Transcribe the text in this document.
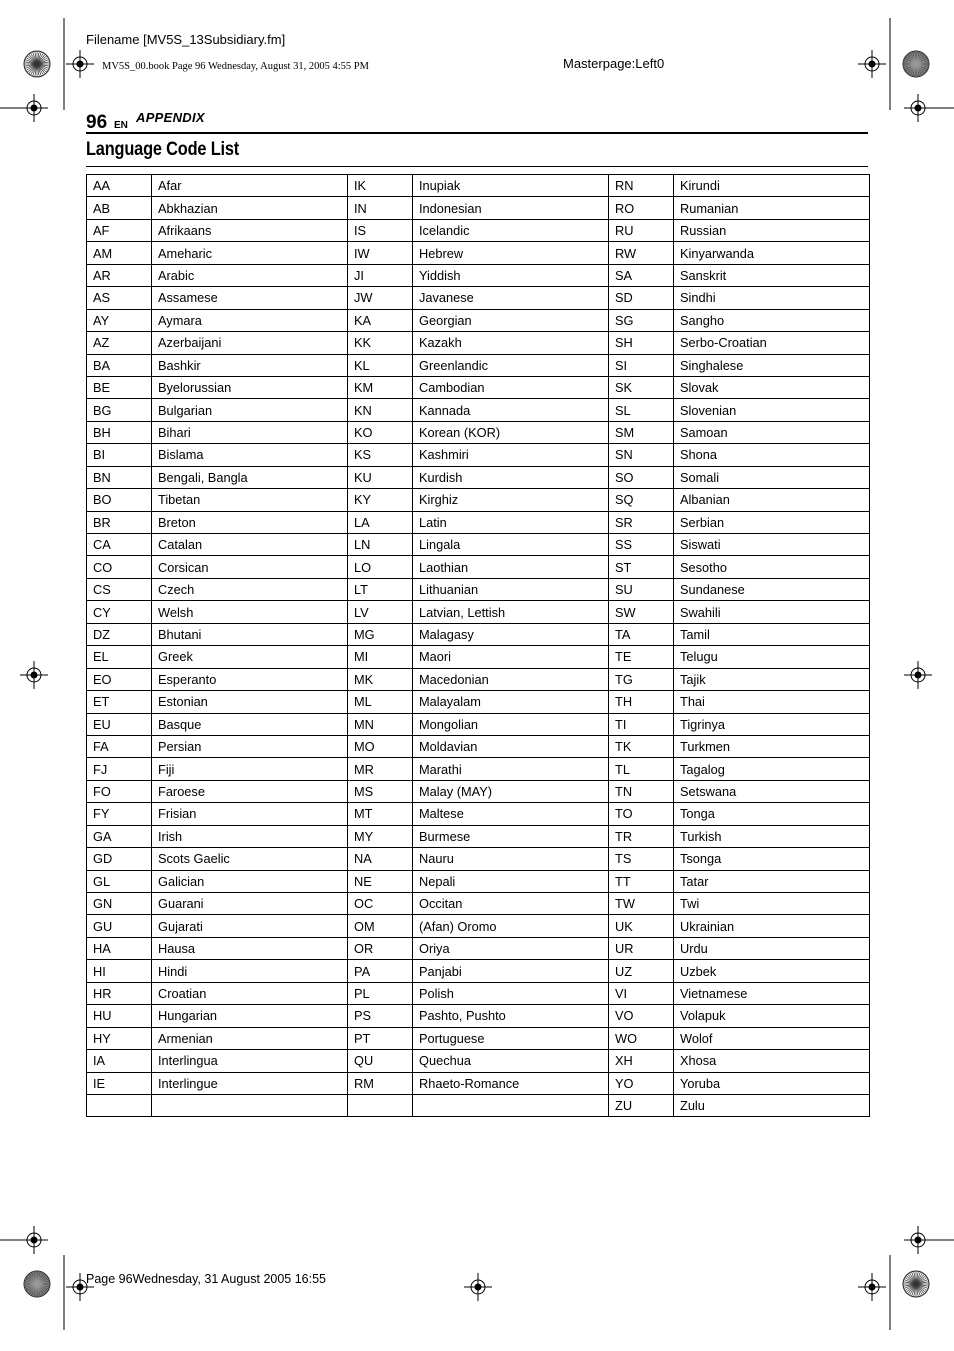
Filename [MV5S_13Subsidiary.fm]
MV5S_00.book Page 96 Wednesday, August 31, 2005 4:55 PM	Masterpage:Left0
96 EN
APPENDIX
Language Code List
AA	Afar	IK	Inupiak	RN	Kirundi
AB	Abkhazian	IN	Indonesian	RO	Rumanian
AF	Afrikaans	IS	Icelandic	RU	Russian
AM	Ameharic	IW	Hebrew	RW	Kinyarwanda
AR	Arabic	JI	Yiddish	SA	Sanskrit
AS	Assamese	JW	Javanese	SD	Sindhi
AY	Aymara	KA	Georgian	SG	Sangho
AZ	Azerbaijani	KK	Kazakh	SH	Serbo-Croatian
BA	Bashkir	KL	Greenlandic	SI	Singhalese
BE	Byelorussian	KM	Cambodian	SK	Slovak
BG	Bulgarian	KN	Kannada	SL	Slovenian
BH	Bihari	KO	Korean (KOR)	SM	Samoan
BI	Bislama	KS	Kashmiri	SN	Shona
BN	Bengali, Bangla	KU	Kurdish	SO	Somali
BO	Tibetan	KY	Kirghiz	SQ	Albanian
BR	Breton	LA	Latin	SR	Serbian
CA	Catalan	LN	Lingala	SS	Siswati
CO	Corsican	LO	Laothian	ST	Sesotho
CS	Czech	LT	Lithuanian	SU	Sundanese
CY	Welsh	LV	Latvian, Lettish	SW	Swahili
DZ	Bhutani	MG	Malagasy	TA	Tamil
EL	Greek	MI	Maori	TE	Telugu
EO	Esperanto	MK	Macedonian	TG	Tajik
ET	Estonian	ML	Malayalam	TH	Thai
EU	Basque	MN	Mongolian	TI	Tigrinya
FA	Persian	MO	Moldavian	TK	Turkmen
FJ	Fiji	MR	Marathi	TL	Tagalog
FO	Faroese	MS	Malay (MAY)	TN	Setswana
FY	Frisian	MT	Maltese	TO	Tonga
GA	Irish	MY	Burmese	TR	Turkish
GD	Scots Gaelic	NA	Nauru	TS	Tsonga
GL	Galician	NE	Nepali	TT	Tatar
GN	Guarani	OC	Occitan	TW	Twi
GU	Gujarati	OM	(Afan) Oromo	UK	Ukrainian
HA	Hausa	OR	Oriya	UR	Urdu
HI	Hindi	PA	Panjabi	UZ	Uzbek
HR	Croatian	PL	Polish	VI	Vietnamese
HU	Hungarian	PS	Pashto, Pushto	VO	Volapuk
HY	Armenian	PT	Portuguese	WO	Wolof
IA	Interlingua	QU	Quechua	XH	Xhosa
IE	Interlingue	RM	Rhaeto-Romance	YO	Yoruba
				ZU	Zulu
Page 96Wednesday, 31 August 2005 16:55
